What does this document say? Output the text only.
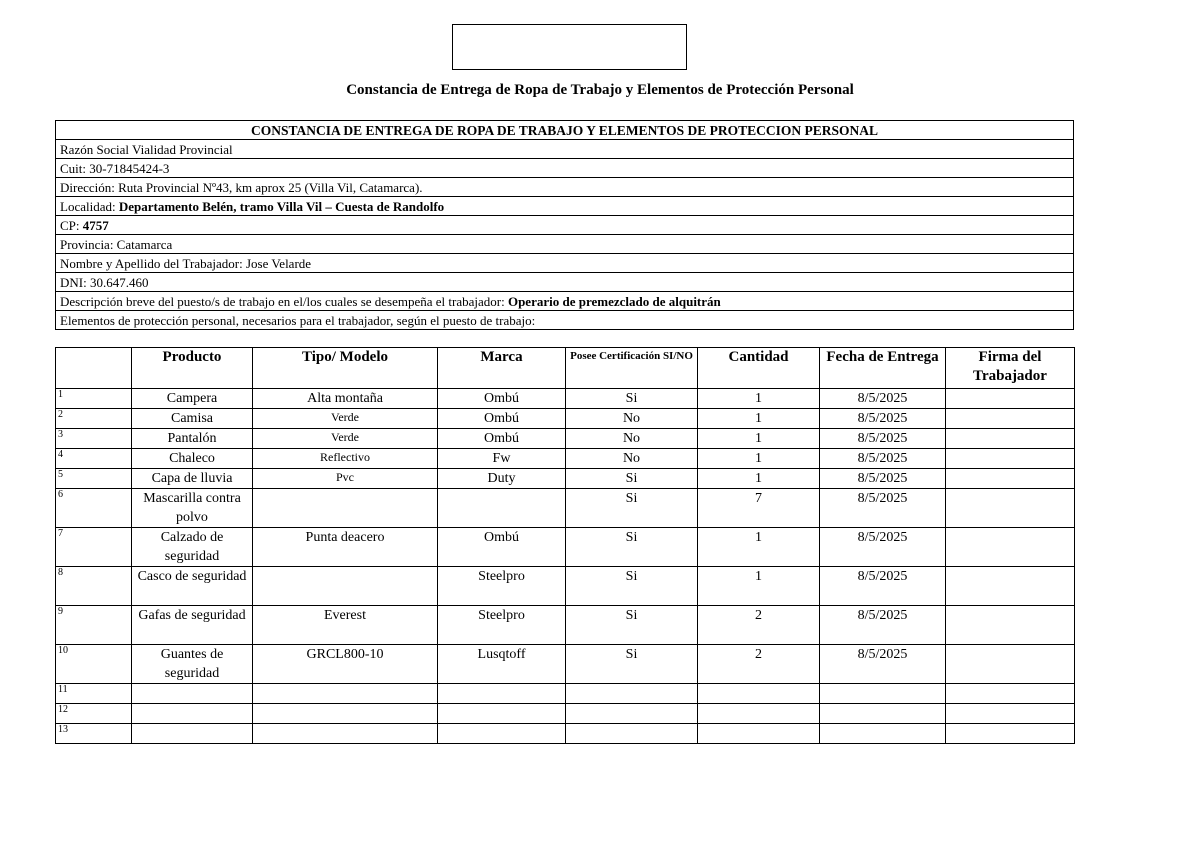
Constancia de Entrega de Ropa de Trabajo y Elementos de Protección Personal
CONSTANCIA DE ENTREGA DE ROPA DE TRABAJO Y ELEMENTOS DE PROTECCION PERSONAL
Razón Social Vialidad Provincial
Cuit: 30-71845424-3
Dirección: Ruta Provincial Nº43, km aprox 25 (Villa Vil, Catamarca).
Localidad: Departamento Belén, tramo Villa Vil – Cuesta de Randolfo
CP: 4757
Provincia: Catamarca
Nombre y Apellido del Trabajador: Jose Velarde
DNI: 30.647.460
Descripción breve del puesto/s de trabajo en el/los cuales se desempeña el trabajador: Operario de premezclado de alquitrán
Elementos de protección personal, necesarios para el trabajador, según el puesto de trabajo:
	Producto	Tipo/ Modelo	Marca	Posee Certificación SI/NO	Cantidad	Fecha de Entrega	Firma del Trabajador
1	Campera	Alta montaña	Ombú	Si	1	8/5/2025	
2	Camisa	Verde	Ombú	No	1	8/5/2025	
3	Pantalón	Verde	Ombú	No	1	8/5/2025	
4	Chaleco	Reflectivo	Fw	No	1	8/5/2025	
5	Capa de lluvia	Pvc	Duty	Si	1	8/5/2025	
6	Mascarilla contra polvo			Si	7	8/5/2025	
7	Calzado de seguridad	Punta deacero	Ombú	Si	1	8/5/2025	
8	Casco de seguridad		Steelpro	Si	1	8/5/2025	
9	Gafas de seguridad	Everest	Steelpro	Si	2	8/5/2025	
10	Guantes de seguridad	GRCL800-10	Lusqtoff	Si	2	8/5/2025	
11							
12							
13							
